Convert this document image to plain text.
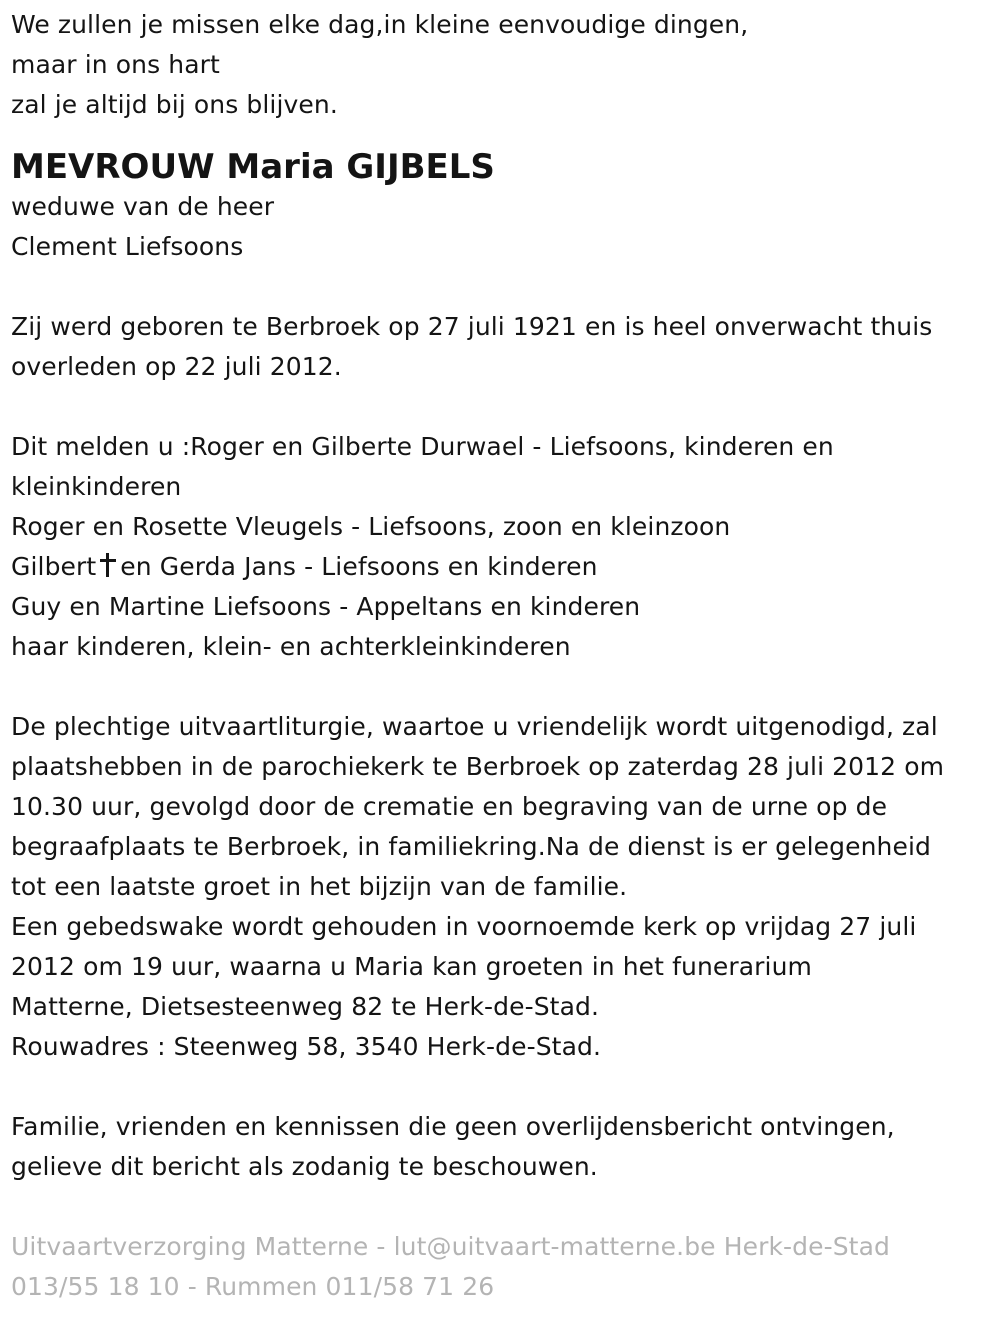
We zullen je missen elke dag,in kleine eenvoudige dingen,
maar in ons hart
zal je altijd bij ons blijven.
MEVROUW Maria GIJBELS
weduwe van de heer
Clement Liefsoons
Zij werd geboren te Berbroek op 27 juli 1921 en is heel onverwacht thuis
overleden op 22 juli 2012.
Dit melden u :Roger en Gilberte Durwael - Liefsoons, kinderen en
kleinkinderen
Roger en Rosette Vleugels - Liefsoons, zoon en kleinzoon
Gilbert en Gerda Jans - Liefsoons en kinderen
Guy en Martine Liefsoons - Appeltans en kinderen
haar kinderen, klein- en achterkleinkinderen
De plechtige uitvaartliturgie, waartoe u vriendelijk wordt uitgenodigd, zal
plaatshebben in de parochiekerk te Berbroek op zaterdag 28 juli 2012 om
10.30 uur, gevolgd door de crematie en begraving van de urne op de
begraafplaats te Berbroek, in familiekring.Na de dienst is er gelegenheid
tot een laatste groet in het bijzijn van de familie.
Een gebedswake wordt gehouden in voornoemde kerk op vrijdag 27 juli
2012 om 19 uur, waarna u Maria kan groeten in het funerarium
Matterne, Dietsesteenweg 82 te Herk-de-Stad.
Rouwadres : Steenweg 58, 3540 Herk-de-Stad.
Familie, vrienden en kennissen die geen overlijdensbericht ontvingen,
gelieve dit bericht als zodanig te beschouwen.
Uitvaartverzorging Matterne - lut@uitvaart-matterne.be Herk-de-Stad
013/55 18 10 - Rummen 011/58 71 26
